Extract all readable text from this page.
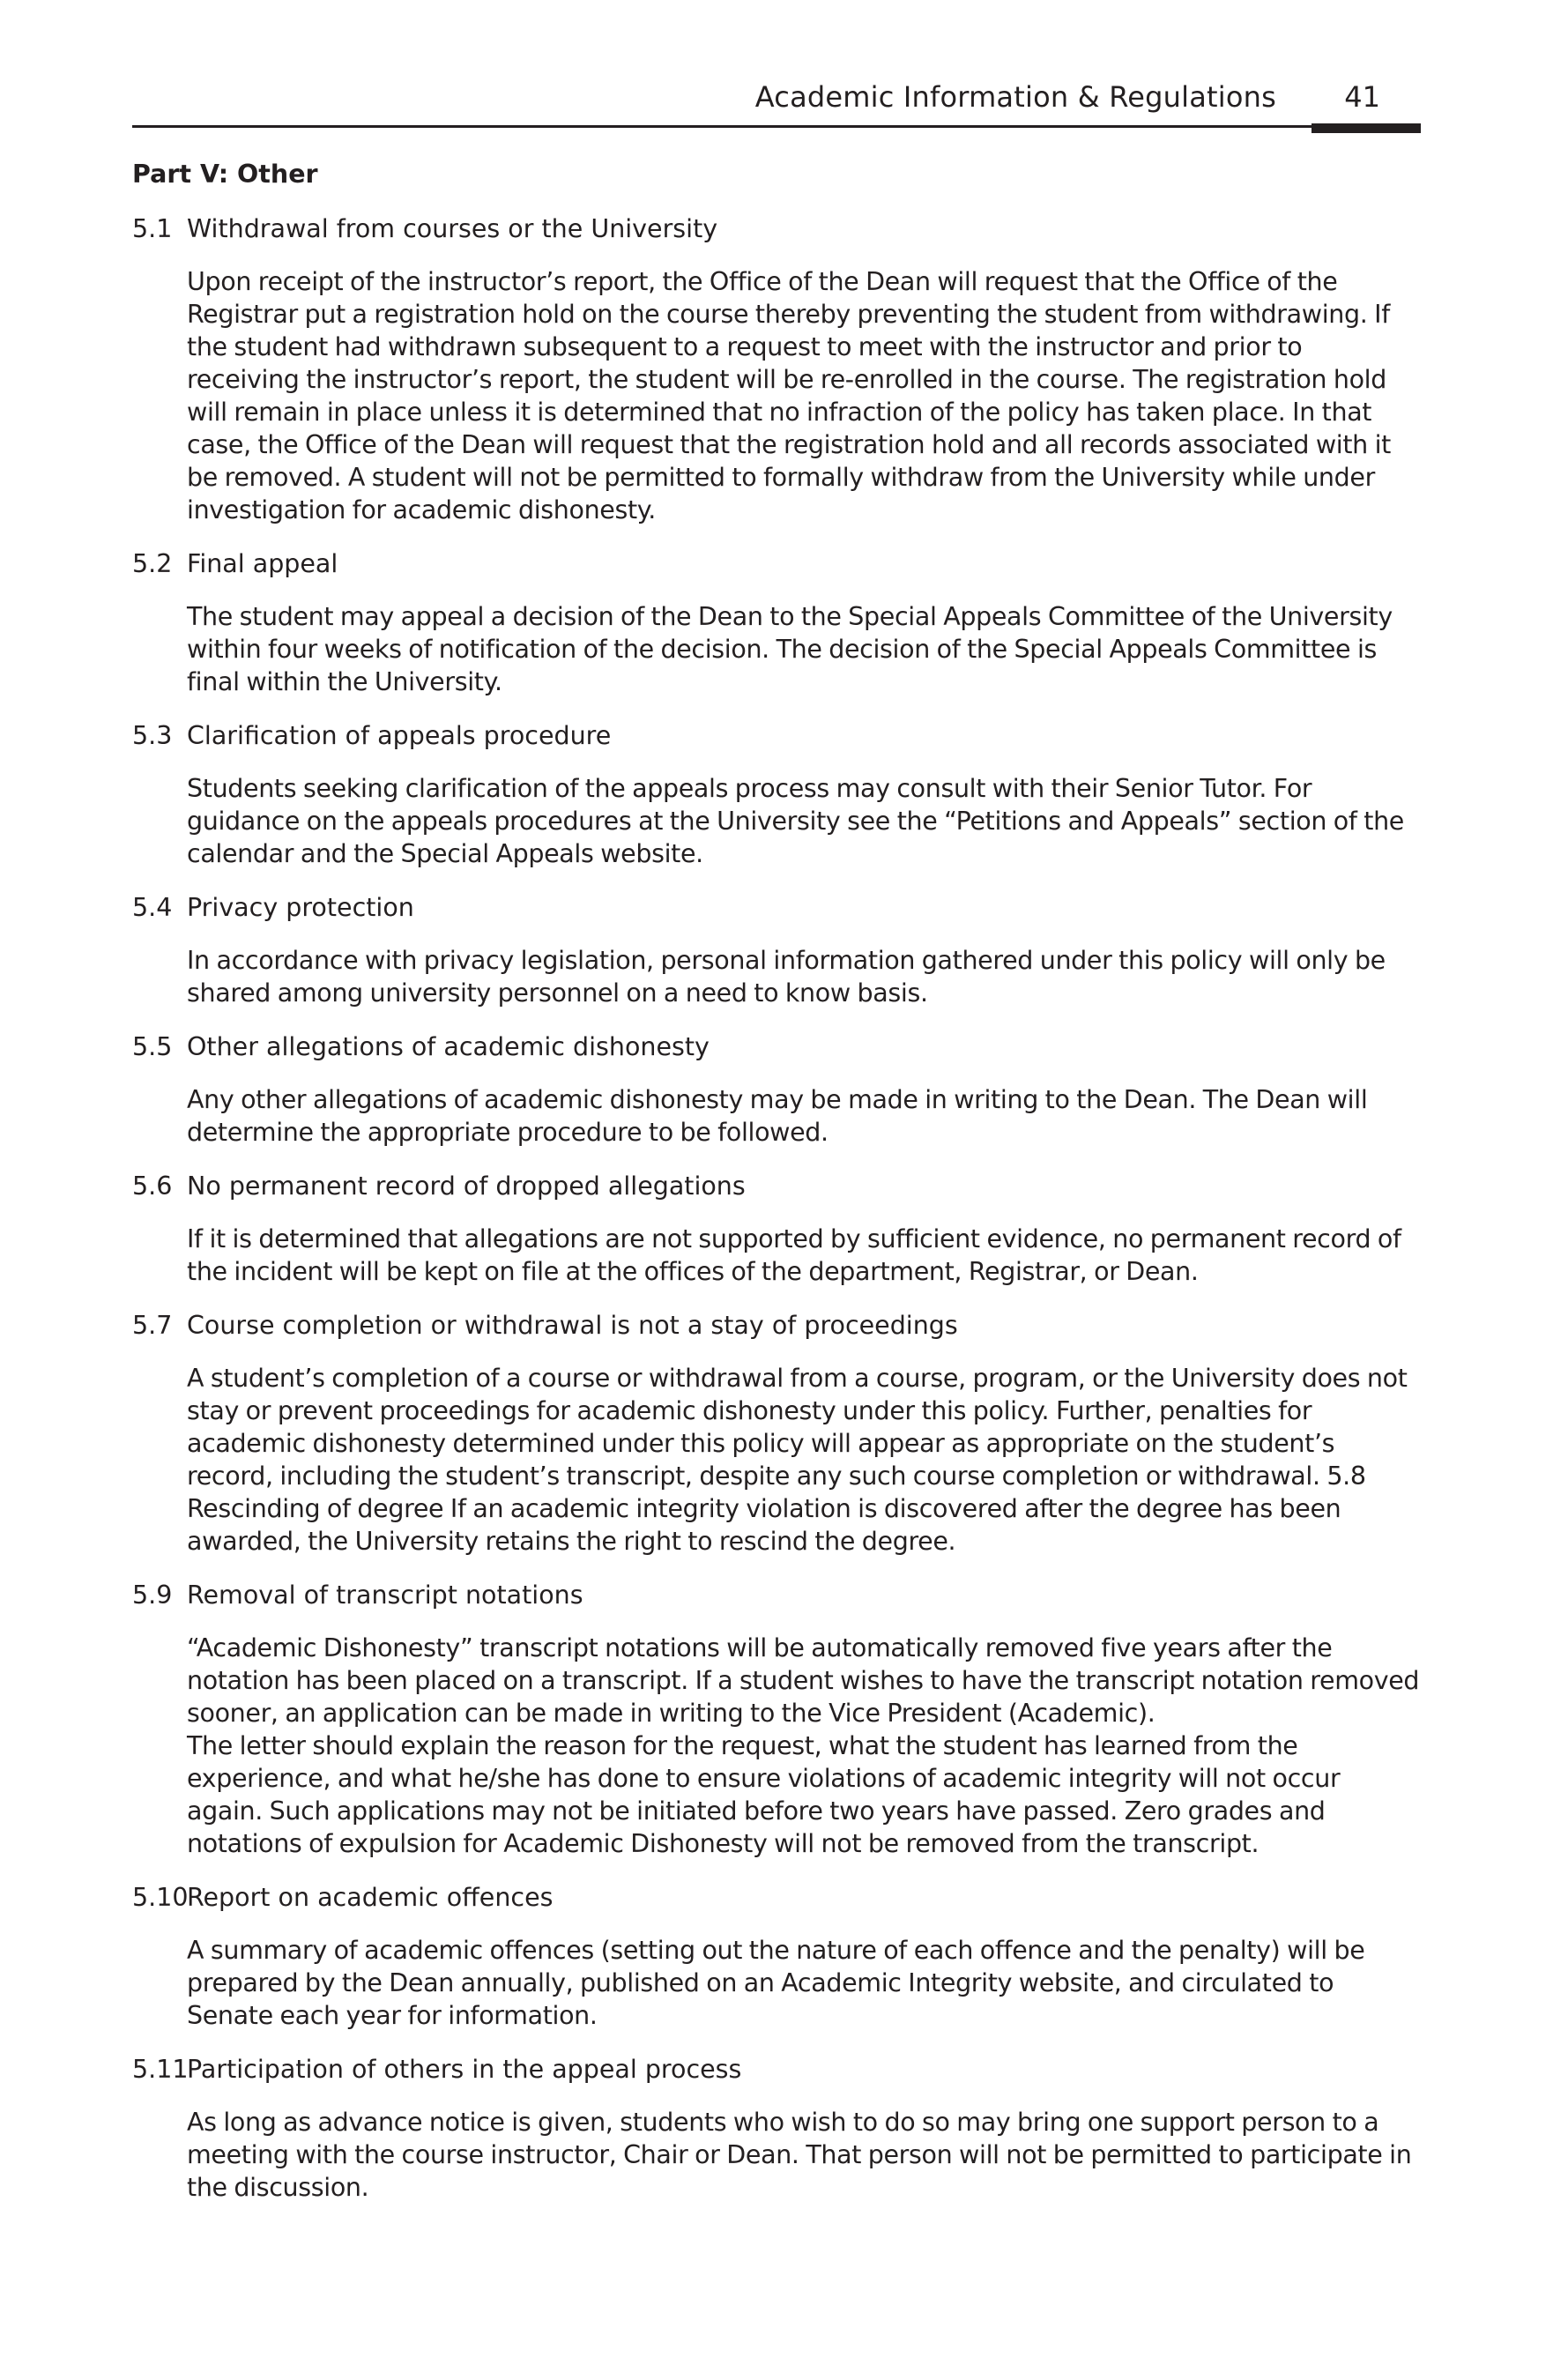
Academic Information & Regulations 41
Part V: Other
5.1 Withdrawal from courses or the University

Upon receipt of the instructor’s report, the Office of the Dean will request that the Office of the Registrar put a registration hold on the course thereby preventing the student from withdrawing. If the student had withdrawn subsequent to a request to meet with the instructor and prior to receiving the instructor’s report, the student will be re-enrolled in the course. The registration hold will remain in place unless it is determined that no infraction of the policy has taken place. In that case, the Office of the Dean will request that the registration hold and all records associated with it be removed. A student will not be permitted to formally withdraw from the University while under investigation for academic dishonesty.

5.2 Final appeal

The student may appeal a decision of the Dean to the Special Appeals Committee of the University within four weeks of notification of the decision. The decision of the Special Appeals Committee is final within the University.

5.3 Clarification of appeals procedure

Students seeking clarification of the appeals process may consult with their Senior Tutor. For guidance on the appeals procedures at the University see the “Petitions and Appeals” section of the calendar and the Special Appeals website.

5.4 Privacy protection

In accordance with privacy legislation, personal information gathered under this policy will only be shared among university personnel on a need to know basis.

5.5 Other allegations of academic dishonesty

Any other allegations of academic dishonesty may be made in writing to the Dean. The Dean will determine the appropriate procedure to be followed.

5.6 No permanent record of dropped allegations

If it is determined that allegations are not supported by sufficient evidence, no permanent record of the incident will be kept on file at the offices of the department, Registrar, or Dean.

5.7 Course completion or withdrawal is not a stay of proceedings

A student’s completion of a course or withdrawal from a course, program, or the University does not stay or prevent proceedings for academic dishonesty under this policy. Further, penalties for academic dishonesty determined under this policy will appear as appropriate on the student’s record, including the student’s transcript, despite any such course completion or withdrawal. 5.8 Rescinding of degree If an academic integrity violation is discovered after the degree has been awarded, the University retains the right to rescind the degree.

5.9 Removal of transcript notations

“Academic Dishonesty” transcript notations will be automatically removed five years after the notation has been placed on a transcript. If a student wishes to have the transcript notation removed sooner, an application can be made in writing to the Vice President (Academic).

The letter should explain the reason for the request, what the student has learned from the experience, and what he/she has done to ensure violations of academic integrity will not occur again. Such applications may not be initiated before two years have passed. Zero grades and notations of expulsion for Academic Dishonesty will not be removed from the transcript.

5.10
Report on academic offences

A summary of academic offences (setting out the nature of each offence and the penalty) will be prepared by the Dean annually, published on an Academic Integrity website, and circulated to Senate each year for information.

5.11
Participation of others in the appeal process

As long as advance notice is given, students who wish to do so may bring one support person to a meeting with the course instructor, Chair or Dean. That person will not be permitted to participate in the discussion.
